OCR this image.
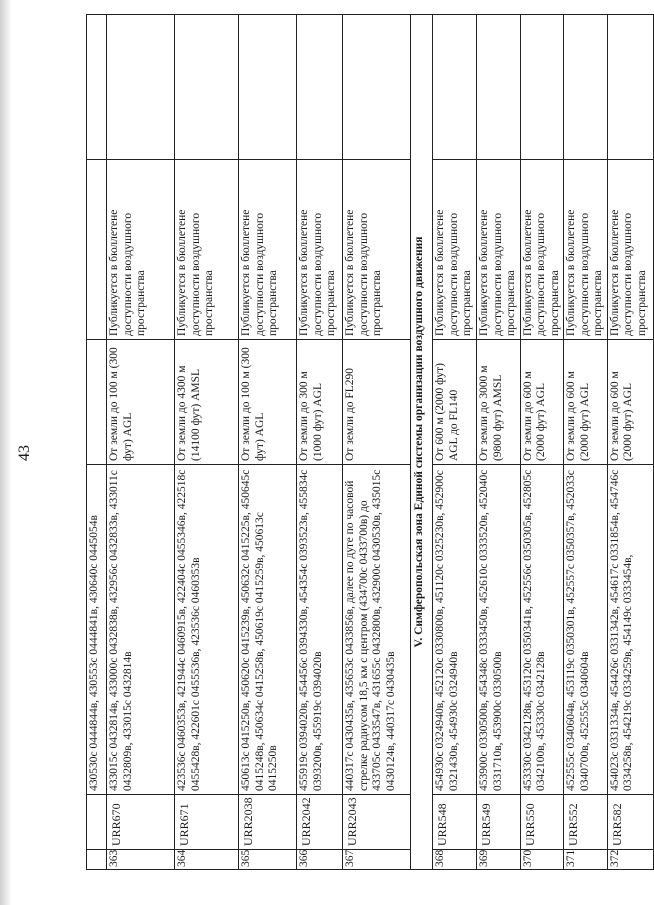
43
		430530с 0444844в, 430553с 0444841в, 430640с 0445054в			
363	URR670	433015с 0432814в, 433000с 0432838в, 432956с 0432833в, 433011с 0432809в, 433015с 0432814в	От земли до 100 м (300 фут) AGL	Публикуется в бюллетене доступности воздушного пространства	
364	URR671	423536с 0460353в, 421944с 0460915в, 422404с 0455346в, 422518с 0455428в, 422601с 0455536в, 423536с 0460353в	От земли до 4300 м (14100 фут) AMSL	Публикуется в бюллетене доступности воздушного пространства	
365	URR2038	450613с 0415250в, 450620с 0415239в, 450632с 0415225в, 450645с 0415248в, 450634с 0415258в, 450619с 0415259в, 450613с 0415250в	От земли до 100 м (300 фут) AGL	Публикуется в бюллетене доступности воздушного пространства	
366	URR2042	455919с 0394020в, 454456с 0394330в, 454354с 0393523в, 455834с 0393200в, 455919с 0394020в	От земли до 300 м (1000 фут) AGL	Публикуется в бюллетене доступности воздушного пространства	
367	URR2043	440317с 0430435в, 435653с 0433856в, далее по дуге по часовой стрелке радиусом 18,5 км с центром (434700с 0433700в) до 433705с 0433547в, 431655с 0432800в, 432900с 0430530в, 435015с 0430124в, 440317с 0430435в	От земли до FL290	Публикуется в бюллетене доступности воздушного пространства	
V. Симферопольская зона Единой системы организации воздушного движения					
368	URR548	454930с 0324940в, 452120с 0330800в, 451120с 0325230в, 452900с 0321430в, 454930с 0324940в	От 600 м (2000 фут) AGL до FL140	Публикуется в бюллетене доступности воздушного пространства	
369	URR549	453900с 0330500в, 454348с 0333450в, 452610с 0333520в, 452040с 0331710в, 453900с 0330500в	От земли до 3000 м (9800 фут) AMSL	Публикуется в бюллетене доступности воздушного пространства	
370	URR550	453330с 0342128в, 453120с 0350341в, 452556с 0350305в, 452805с 0342100в, 453330с 0342128в	От земли до 600 м (2000 фут) AGL	Публикуется в бюллетене доступности воздушного пространства	
371	URR552	452555с 0340604в, 453119с 0350301в, 452557с 0350357в, 452033с 0340700в, 452555с 0340604в	От земли до 600 м (2000 фут) AGL	Публикуется в бюллетене доступности воздушного пространства	
372	URR582	454023с 0331334в, 454426с 0331342в, 454617с 0331854в, 454746с 0334258в, 454219с 0334259в, 454149с 0333454в,	От земли до 600 м (2000 фут) AGL	Публикуется в бюллетене доступности воздушного пространства	
